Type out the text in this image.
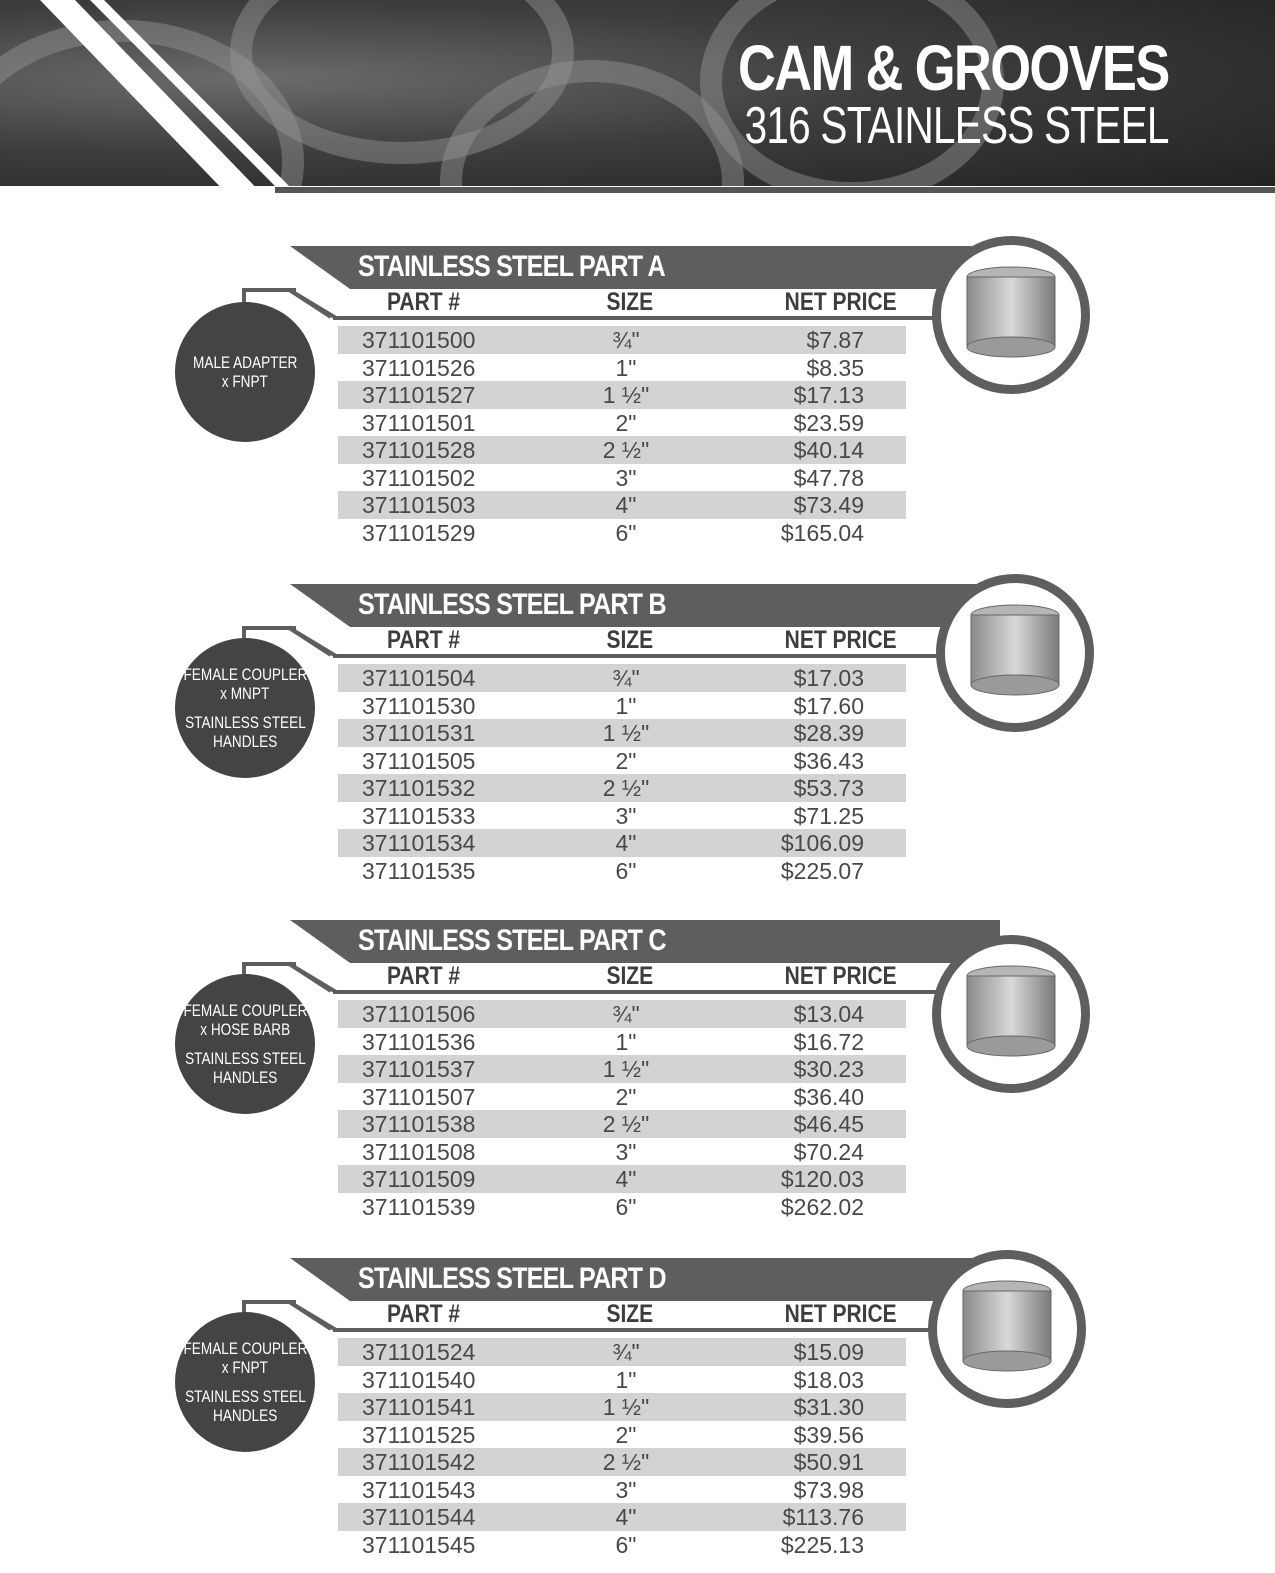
CAM & GROOVES
316 STAINLESS STEEL
STAINLESS STEEL PART A
PART #	SIZE	NET PRICE
MALE ADAPTER
x FNPT
371101500	¾"	$7.87
371101526	1"	$8.35
371101527	1 ½"	$17.13
371101501	2"	$23.59
371101528	2 ½"	$40.14
371101502	3"	$47.78
371101503	4"	$73.49
371101529	6"	$165.04
STAINLESS STEEL PART B
PART #	SIZE	NET PRICE
FEMALE COUPLER
x MNPT
STAINLESS STEEL
HANDLES
371101504	¾"	$17.03
371101530	1"	$17.60
371101531	1 ½"	$28.39
371101505	2"	$36.43
371101532	2 ½"	$53.73
371101533	3"	$71.25
371101534	4"	$106.09
371101535	6"	$225.07
STAINLESS STEEL PART C
PART #	SIZE	NET PRICE
FEMALE COUPLER
x HOSE BARB
STAINLESS STEEL
HANDLES
371101506	¾"	$13.04
371101536	1"	$16.72
371101537	1 ½"	$30.23
371101507	2"	$36.40
371101538	2 ½"	$46.45
371101508	3"	$70.24
371101509	4"	$120.03
371101539	6"	$262.02
STAINLESS STEEL PART D
PART #	SIZE	NET PRICE
FEMALE COUPLER
x FNPT
STAINLESS STEEL
HANDLES
371101524	¾"	$15.09
371101540	1"	$18.03
371101541	1 ½"	$31.30
371101525	2"	$39.56
371101542	2 ½"	$50.91
371101543	3"	$73.98
371101544	4"	$113.76
371101545	6"	$225.13
